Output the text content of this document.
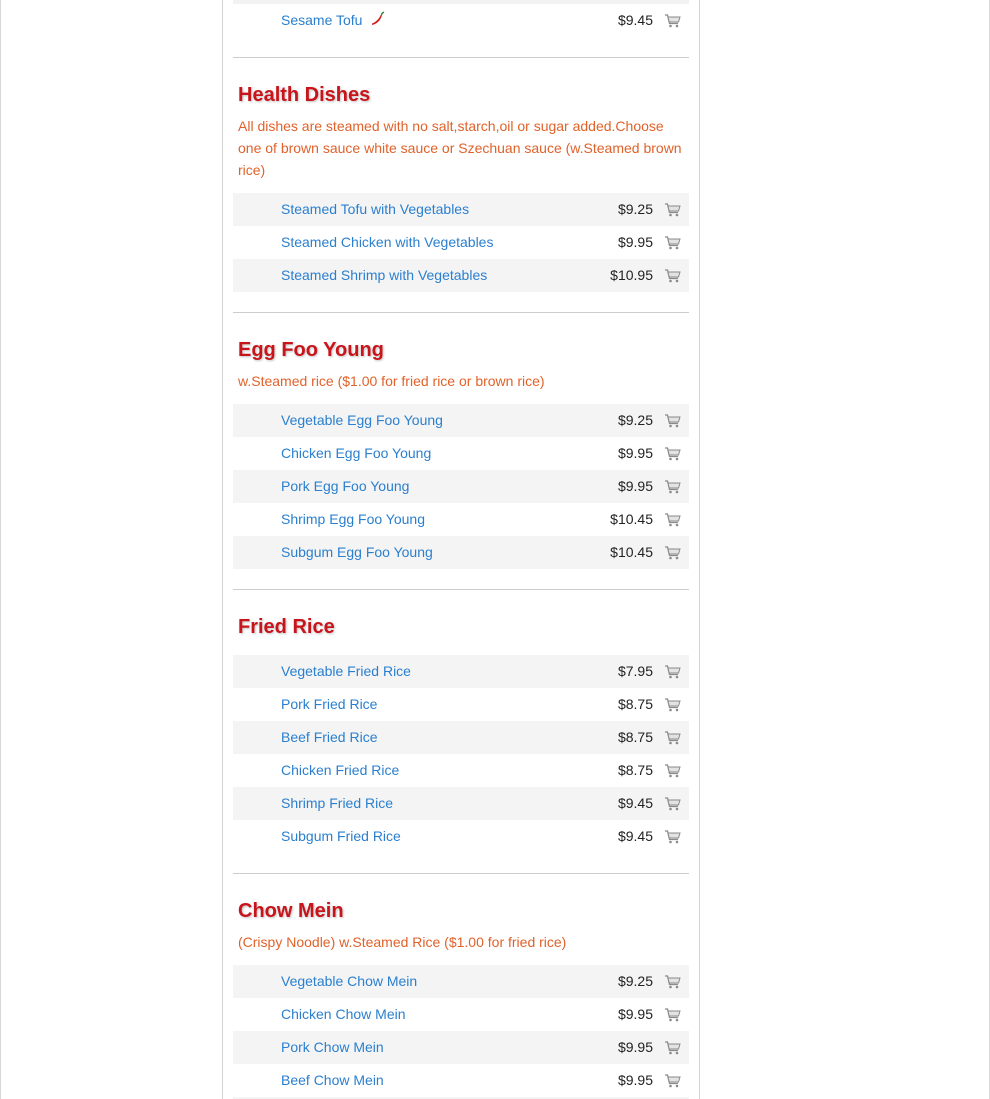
Sesame Tofu	$9.45
Health Dishes
All dishes are steamed with no salt,starch,oil or sugar added.Choose one of brown sauce white sauce or Szechuan sauce (w.Steamed brown rice)
Steamed Tofu with Vegetables	$9.25
Steamed Chicken with Vegetables	$9.95
Steamed Shrimp with Vegetables	$10.95
Egg Foo Young
w.Steamed rice ($1.00 for fried rice or brown rice)
Vegetable Egg Foo Young	$9.25
Chicken Egg Foo Young	$9.95
Pork Egg Foo Young	$9.95
Shrimp Egg Foo Young	$10.45
Subgum Egg Foo Young	$10.45
Fried Rice
Vegetable Fried Rice	$7.95
Pork Fried Rice	$8.75
Beef Fried Rice	$8.75
Chicken Fried Rice	$8.75
Shrimp Fried Rice	$9.45
Subgum Fried Rice	$9.45
Chow Mein
(Crispy Noodle) w.Steamed Rice ($1.00 for fried rice)
Vegetable Chow Mein	$9.25
Chicken Chow Mein	$9.95
Pork Chow Mein	$9.95
Beef Chow Mein	$9.95
